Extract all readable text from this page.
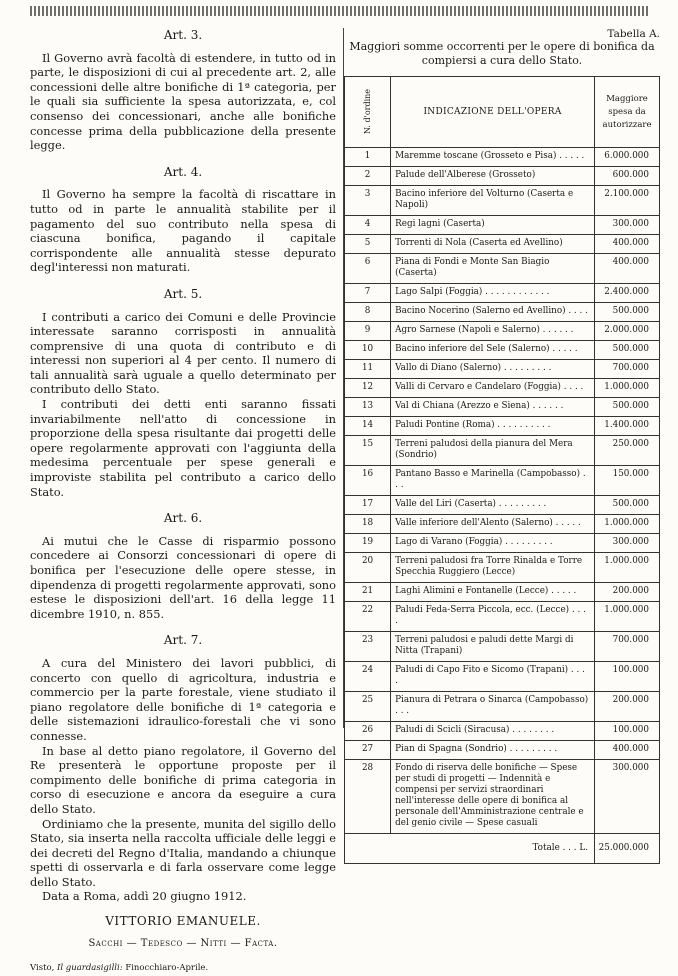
Art. 3.

Il Governo avrà facoltà di estendere, in tutto od in parte, le disposizioni di cui al precedente art. 2, alle concessioni delle altre bonifiche di 1ª categoria, per le quali sia sufficiente la spesa autorizzata, e, col consenso dei concessionari, anche alle bonifiche concesse prima della pubblicazione della presente legge.

Art. 4.

Il Governo ha sempre la facoltà di riscattare in tutto od in parte le annualità stabilite per il pagamento del suo contributo nella spesa di ciascuna bonifica, pagando il capitale corrispondente alle annualità stesse depurato degl'interessi non maturati.

Art. 5.

I contributi a carico dei Comuni e delle Provincie interessate saranno corrisposti in annualità comprensive di una quota di contributo e di interessi non superiori al 4 per cento. Il numero di tali annualità sarà uguale a quello determinato per contributo dello Stato.

I contributi dei detti enti saranno fissati invariabilmente nell'atto di concessione in proporzione della spesa risultante dai progetti delle opere regolarmente approvati con l'aggiunta della medesima percentuale per spese generali e improviste stabilita pel contributo a carico dello Stato.

Art. 6.

Ai mutui che le Casse di risparmio possono concedere ai Consorzi concessionari di opere di bonifica per l'esecuzione delle opere stesse, in dipendenza di progetti regolarmente approvati, sono estese le disposizioni dell'art. 16 della legge 11 dicembre 1910, n. 855.

Art. 7.

A cura del Ministero dei lavori pubblici, di concerto con quello di agricoltura, industria e commercio per la parte forestale, viene studiato il piano regolatore delle bonifiche di 1ª categoria e delle sistemazioni idraulico-forestali che vi sono connesse.

In base al detto piano regolatore, il Governo del Re presenterà le opportune proposte per il compimento delle bonifiche di prima categoria in corso di esecuzione e ancora da eseguire a cura dello Stato.

Ordiniamo che la presente, munita del sigillo dello Stato, sia inserta nella raccolta ufficiale delle leggi e dei decreti del Regno d'Italia, mandando a chiunque spetti di osservarla e di farla osservare come legge dello Stato.

Data a Roma, addì 20 giugno 1912.

VITTORIO EMANUELE.
Sacchi — Tedesco — Nitti — Facta.

Visto, Il guardasigilli: Finocchiaro-Aprile.

Tabella A.
Maggiori somme occorrenti per le opere di bonifica da compiersi a cura dello Stato.
N. d'ordine	INDICAZIONE DELL'OPERA	Maggiore spesa da autorizzare
1	Maremme toscane (Grosseto e Pisa) . . . . .	6.000.000
2	Palude dell'Alberese (Grosseto)	600.000
3	Bacino inferiore del Volturno (Caserta e Napoli)	2.100.000
4	Regi lagni (Caserta)	300.000
5	Torrenti di Nola (Caserta ed Avellino)	400.000
6	Piana di Fondi e Monte San Biagio (Caserta)	400.000
7	Lago Salpi (Foggia) . . . . . . . . . . . .	2.400.000
8	Bacino Nocerino (Salerno ed Avellino) . . . .	500.000
9	Agro Sarnese (Napoli e Salerno) . . . . . .	2.000.000
10	Bacino inferiore del Sele (Salerno) . . . . .	500.000
11	Vallo di Diano (Salerno) . . . . . . . . .	700.000
12	Valli di Cervaro e Candelaro (Foggia) . . . .	1.000.000
13	Val di Chiana (Arezzo e Siena) . . . . . .	500.000
14	Paludi Pontine (Roma) . . . . . . . . . .	1.400.000
15	Terreni paludosi della pianura del Mera (Sondrio)	250.000
16	Pantano Basso e Marinella (Campobasso) . . .	150.000
17	Valle del Liri (Caserta) . . . . . . . . .	500.000
18	Valle inferiore dell'Alento (Salerno) . . . . .	1.000.000
19	Lago di Varano (Foggia) . . . . . . . . .	300.000
20	Terreni paludosi fra Torre Rinalda e Torre Specchia Ruggiero (Lecce)	1.000.000
21	Laghi Alimini e Fontanelle (Lecce) . . . . .	200.000
22	Paludi Feda-Serra Piccola, ecc. (Lecce) . . . .	1.000.000
23	Terreni paludosi e paludi dette Margi di Nitta (Trapani)	700.000
24	Paludi di Capo Fito e Sicomo (Trapani) . . . .	100.000
25	Pianura di Petrara o Sinarca (Campobasso) . . .	200.000
26	Paludi di Scicli (Siracusa) . . . . . . . .	100.000
27	Pian di Spagna (Sondrio) . . . . . . . . .	400.000
28	Fondo di riserva delle bonifiche — Spese per studi di progetti — Indennità e compensi per servizi straordinari nell'interesse delle opere di bonifica al personale dell'Amministrazione centrale e del genio civile — Spese casuali	300.000
	Totale . . . L.	25.000.000
